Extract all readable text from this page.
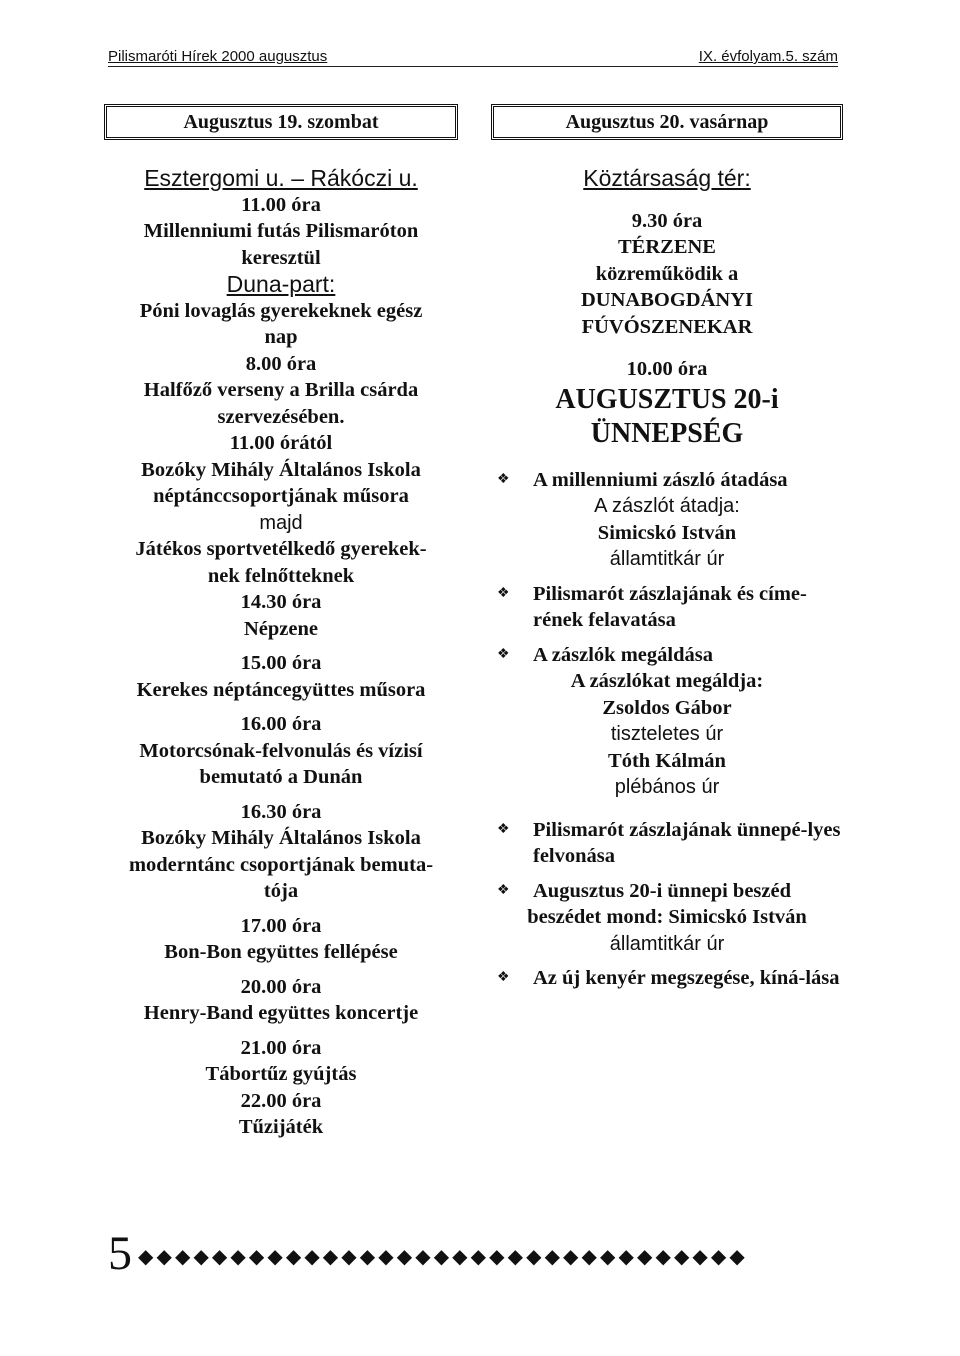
Pilismaróti Hírek 2000 augusztus	IX. évfolyam.5. szám
Augusztus 19. szombat	Augusztus 20. vasárnap
Esztergomi u. – Rákóczi u.
11.00 óra
Millenniumi futás Pilismaróton
keresztül
Duna-part:
Póni lovaglás gyerekeknek egész
nap
8.00 óra
Halfőző verseny a Brilla csárda
szervezésében.
11.00 órától
Bozóky Mihály Általános Iskola
néptánccsoportjának műsora
majd
Játékos sportvetélkedő gyerekek-
nek felnőtteknek
14.30 óra
Népzene
15.00 óra
Kerekes néptáncegyüttes műsora
16.00 óra
Motorcsónak-felvonulás és vízisí
bemutató a Dunán
16.30 óra
Bozóky Mihály Általános Iskola
moderntánc csoportjának bemuta-
tója
17.00 óra
Bon-Bon együttes fellépése
20.00 óra
Henry-Band együttes koncertje
21.00 óra
Tábortűz gyújtás
22.00 óra
Tűzijáték
Köztársaság tér:
9.30 óra
TÉRZENE
közreműködik a
DUNABOGDÁNYI
FÚVÓSZENEKAR
10.00 óra
AUGUSZTUS 20-i
ÜNNEPSÉG
❖	A millenniumi zászló átadása
A zászlót átadja:
Simicskó István
államtitkár úr
❖	Pilismarót zászlajának és címe-rének felavatása
❖	A zászlók megáldása
A zászlókat megáldja:
Zsoldos Gábor
tiszteletes úr
Tóth Kálmán
plébános úr
❖	Pilismarót zászlajának ünnepé-lyes felvonása
❖	Augusztus 20-i ünnepi beszéd
beszédet mond: Simicskó István
államtitkár úr
❖	Az új kenyér megszegése, kíná-lása
5 ◆◆◆◆◆◆◆◆◆◆◆◆◆◆◆◆◆◆◆◆◆◆◆◆◆◆◆◆◆◆◆◆◆
